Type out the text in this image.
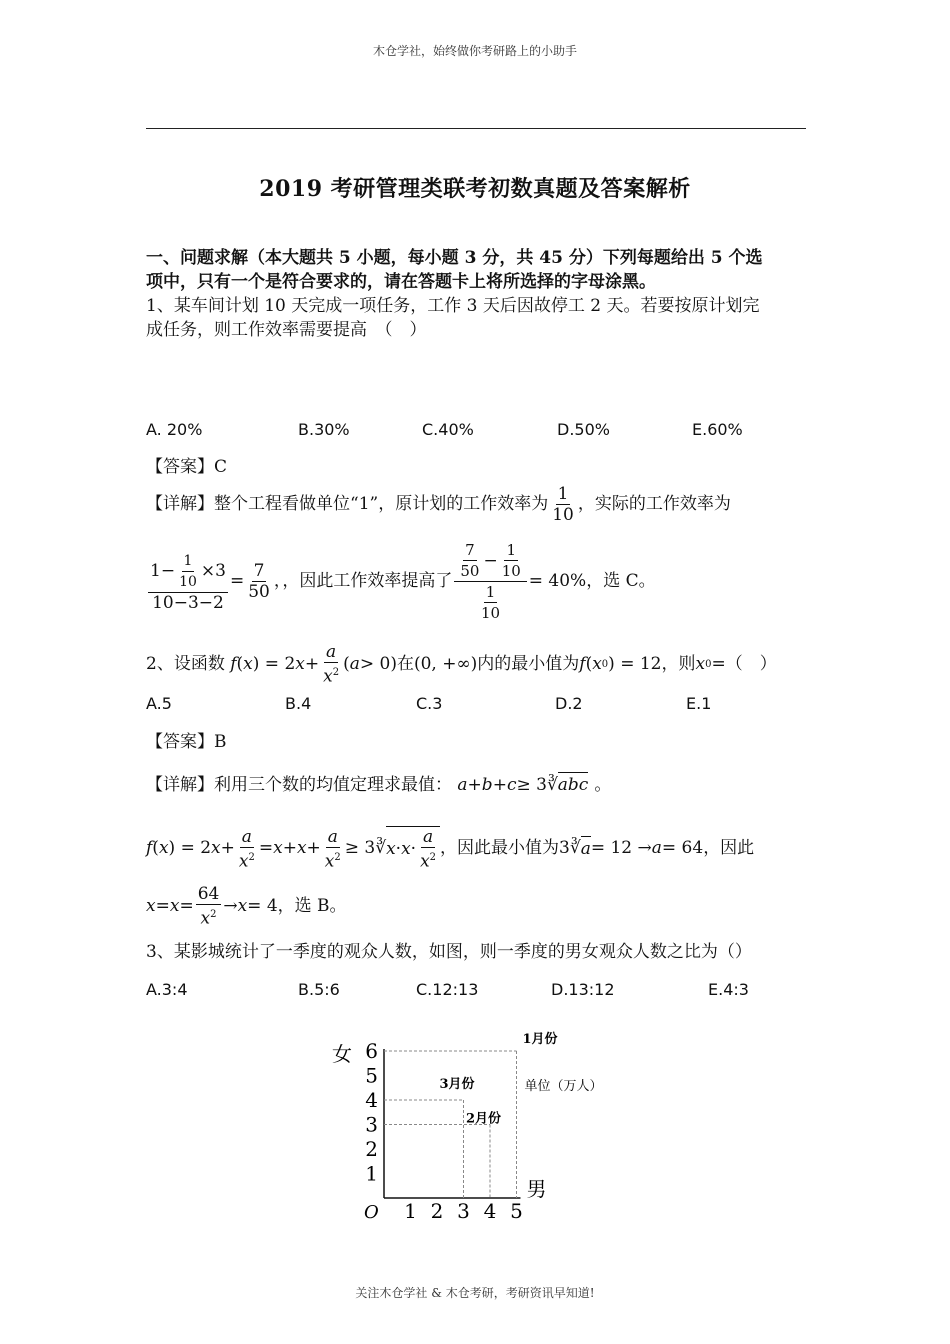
木仓学社，始终做你考研路上的小助手
2019 考研管理类联考初数真题及答案解析
一、问题求解（本大题共 5 小题，每小题 3 分，共 45 分）下列每题给出 5 个选
项中，只有一个是符合要求的，请在答题卡上将所选择的字母涂黑。
1、某车间计划 10 天完成一项任务，工作 3 天后因故停工 2 天。若要按原计划完
成任务，则工作效率需要提高　（　）
A. 20%	B.30%	C.40%	D.50%	E.60%
【答案】C
【详解】整个工程看做单位“1”，原计划的工作效率为 $\frac{1}{10}$ ，实际的工作效率为
$\frac{1- \frac{1}{10} \times 3}{10-3-2} = \frac{7}{50}$ ，，因此工作效率提高了 $\frac{\frac{7}{50} - \frac{1}{10}}{\frac{1}{10}} = 40\%$ ，选 C。
2、设函数 f ( x ) = 2 $x + \frac{a}{x^2}$ ( a > 0) 在 (0, +∞) 内的最小值为 f ( x 0 ) = 12 ，则 x 0 = （　）
A.5	B.4	C.3	D.2	E.1
【答案】B
【详解】利用三个数的均值定理求最值： a + b + c ≥ 3 ∛ abc 。
f ( x ) = 2 $x + \frac{a}{x^2} = x + x + \frac{a}{x^2} \ge 3$ ∛ $x \cdot x \cdot \frac{a}{x^2}$ ，因此最小值为 3∛ a = 12 → a = 64 ，因此
$x = x = \frac{64}{x^2} \to x = 4$ ，选 B。
3、某影城统计了一季度的观众人数，如图，则一季度的男女观众人数之比为（）
A.3:4	B.5:6	C.12:13	D.13:12	E.4:3
1 2 3 4 5
1
2
3
4
5
6
O
男
女
单位（万人）
1月份
2月份
3月份
关注木仓学社 & 木仓考研，考研资讯早知道!
